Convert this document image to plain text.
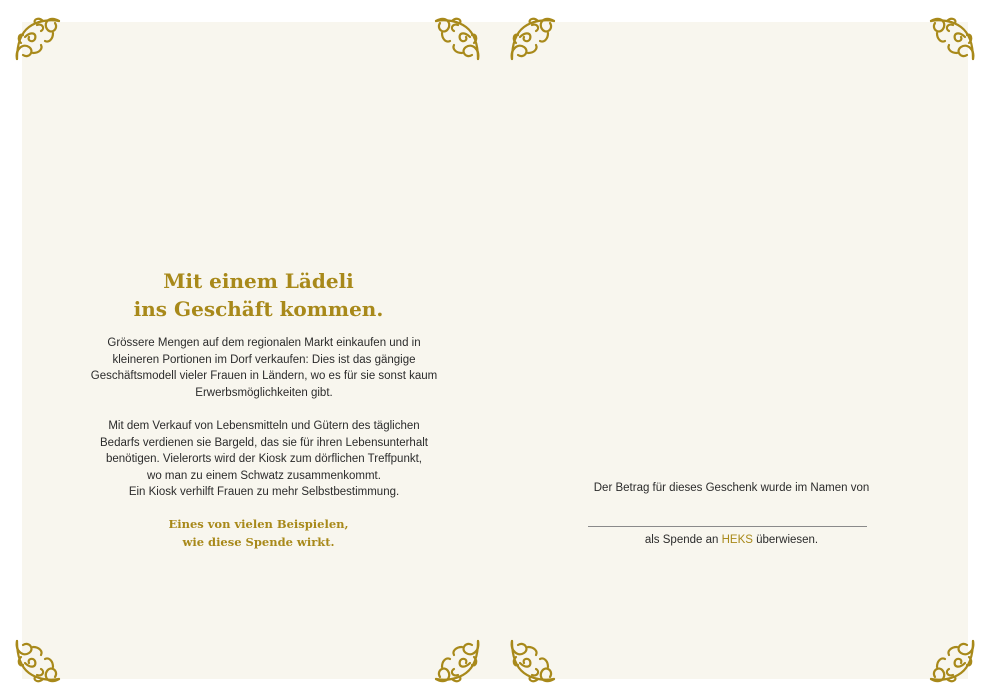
Mit einem Lädeli
ins Geschäft kommen.

Grössere Mengen auf dem regionalen Markt einkaufen und in
kleineren Portionen im Dorf verkaufen: Dies ist das gängige
Geschäftsmodell vieler Frauen in Ländern, wo es für sie sonst kaum
Erwerbsmöglichkeiten gibt.

Mit dem Verkauf von Lebensmitteln und Gütern des täglichen
Bedarfs verdienen sie Bargeld, das sie für ihren Lebensunterhalt
benötigen. Vielerorts wird der Kiosk zum dörflichen Treffpunkt,
wo man zu einem Schwatz zusammenkommt.
Ein Kiosk verhilft Frauen zu mehr Selbstbestimmung.

Eines von vielen Beispielen,
wie diese Spende wirkt.
Der Betrag für dieses Geschenk wurde im Namen von
als Spende an HEKS überwiesen.
